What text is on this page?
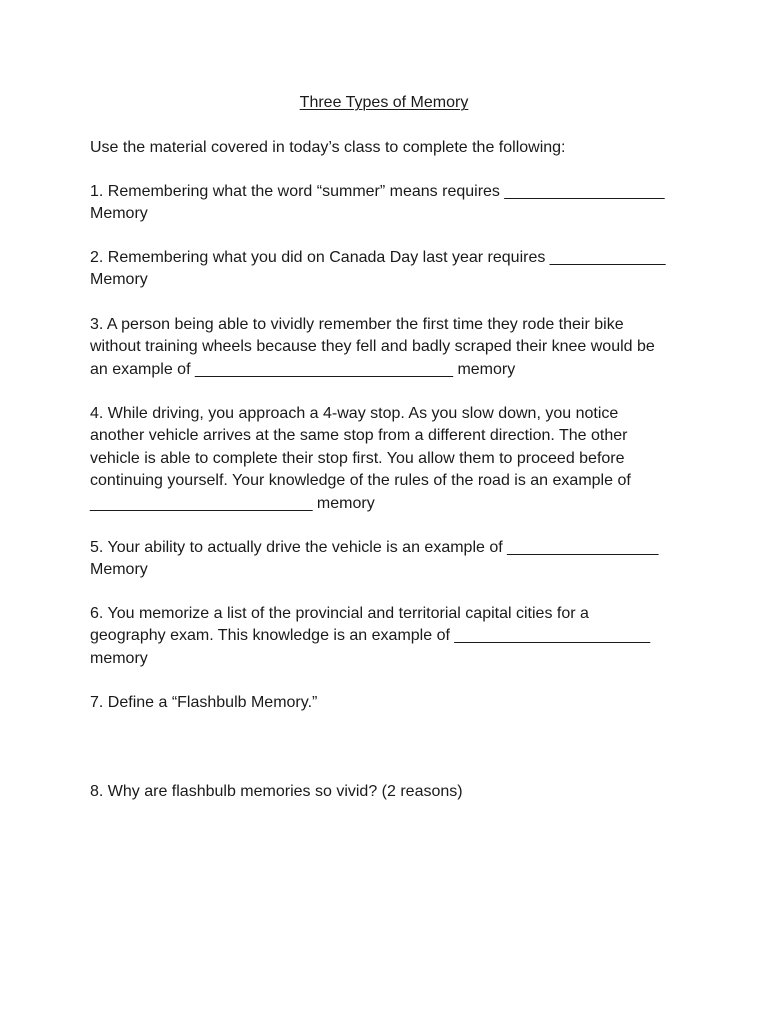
Three Types of Memory

Use the material covered in today’s class to complete the following:

1. Remembering what the word “summer” means requires __________________
Memory

2. Remembering what you did on Canada Day last year requires _____________
Memory

3. A person being able to vividly remember the first time they rode their bike
without training wheels because they fell and badly scraped their knee would be
an example of _____________________________ memory

4. While driving, you approach a 4-way stop. As you slow down, you notice
another vehicle arrives at the same stop from a different direction. The other
vehicle is able to complete their stop first. You allow them to proceed before
continuing yourself. Your knowledge of the rules of the road is an example of
_________________________ memory

5. Your ability to actually drive the vehicle is an example of _________________
Memory

6. You memorize a list of the provincial and territorial capital cities for a
geography exam. This knowledge is an example of ______________________
memory

7. Define a “Flashbulb Memory.”

8. Why are flashbulb memories so vivid? (2 reasons)
